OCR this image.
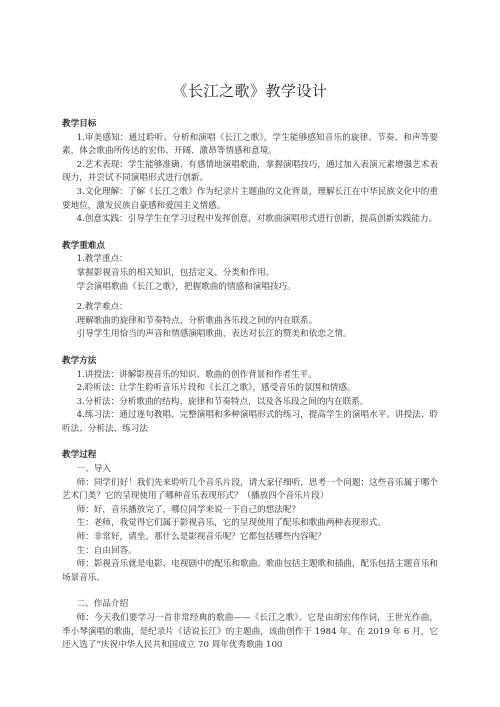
《长江之歌》教学设计
教学目标

1.审美感知：通过聆听、分析和演唱《长江之歌》，学生能够感知音乐的旋律、节奏、和声等要素，体会歌曲所传达的宏伟、开阔、激昂等情感和意境。

2.艺术表现：学生能够准确、有感情地演唱歌曲，掌握演唱技巧，通过加入表演元素增强艺术表现力，并尝试不同演唱形式进行创新。

3.文化理解：了解《长江之歌》作为纪录片主题曲的文化背景，理解长江在中华民族文化中的重要地位，激发民族自豪感和爱国主义情感。

4.创意实践：引导学生在学习过程中发挥创意，对歌曲演唱形式进行创新，提高创新实践能力。

教学重难点

1.教学重点：

掌握影视音乐的相关知识，包括定义、分类和作用。

学会演唱歌曲《长江之歌》，把握歌曲的情感和演唱技巧。

2.教学难点：

理解歌曲的旋律和节奏特点，分析歌曲各乐段之间的内在联系。

引导学生用恰当的声音和情感演唱歌曲，表达对长江的赞美和依恋之情。

教学方法

1.讲授法：讲解影视音乐的知识、歌曲的创作背景和作者生平。

2.聆听法：让学生聆听音乐片段和《长江之歌》，感受音乐的氛围和情感。

3.分析法：分析歌曲的结构、旋律和节奏特点，以及各乐段之间的内在联系。

4.练习法：通过逐句教唱、完整演唱和多种演唱形式的练习，提高学生的演唱水平。讲授法、聆听法、分析法、练习法

教学过程

一、导入

师：同学们好！我们先来聆听几个音乐片段，请大家仔细听，思考一个问题：这些音乐属于哪个艺术门类？它的呈现使用了哪种音乐表现形式？（播放四个音乐片段）

师：好，音乐播放完了，哪位同学来说一下自己的想法呢？

生：老师，我觉得它们属于影视音乐，它的呈现使用了配乐和歌曲两种表现形式。

师：非常好，请坐。那什么是影视音乐呢？它都包括哪些内容呢？

生：自由回答。

师：影视音乐就是电影、电视剧中的配乐和歌曲。歌曲包括主题歌和插曲，配乐包括主题音乐和场景音乐。

二、作品介绍

师：今天我们要学习一首非常经典的歌曲——《长江之歌》。它是由胡宏伟作词，王世光作曲，季小琴演唱的歌曲，是纪录片《话说长江》的主题曲，该曲创作于 1984 年。在 2019 年 6 月，它还入选了“庆祝中华人民共和国成立 70 周年优秀歌曲 100
